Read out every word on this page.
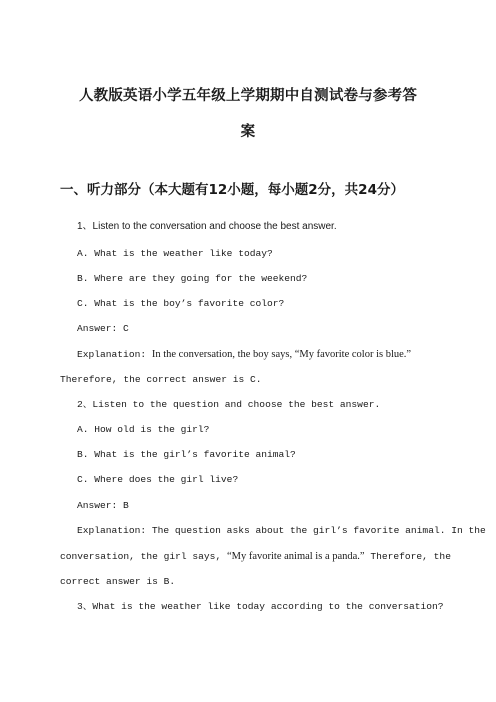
人教版英语小学五年级上学期期中自测试卷与参考答
案
一、听力部分（本大题有12小题，每小题2分，共24分）
1、Listen to the conversation and choose the best answer.
A. What is the weather like today?
B. Where are they going for the weekend?
C. What is the boy’s favorite color?
Answer: C
Explanation: In the conversation, the boy says, “My favorite color is blue.”
Therefore, the correct answer is C.
2、Listen to the question and choose the best answer.
A. How old is the girl?
B. What is the girl’s favorite animal?
C. Where does the girl live?
Answer: B
Explanation: The question asks about the girl’s favorite animal. In the
conversation, the girl says, “My favorite animal is a panda.” Therefore, the
correct answer is B.
3、What is the weather like today according to the conversation?
